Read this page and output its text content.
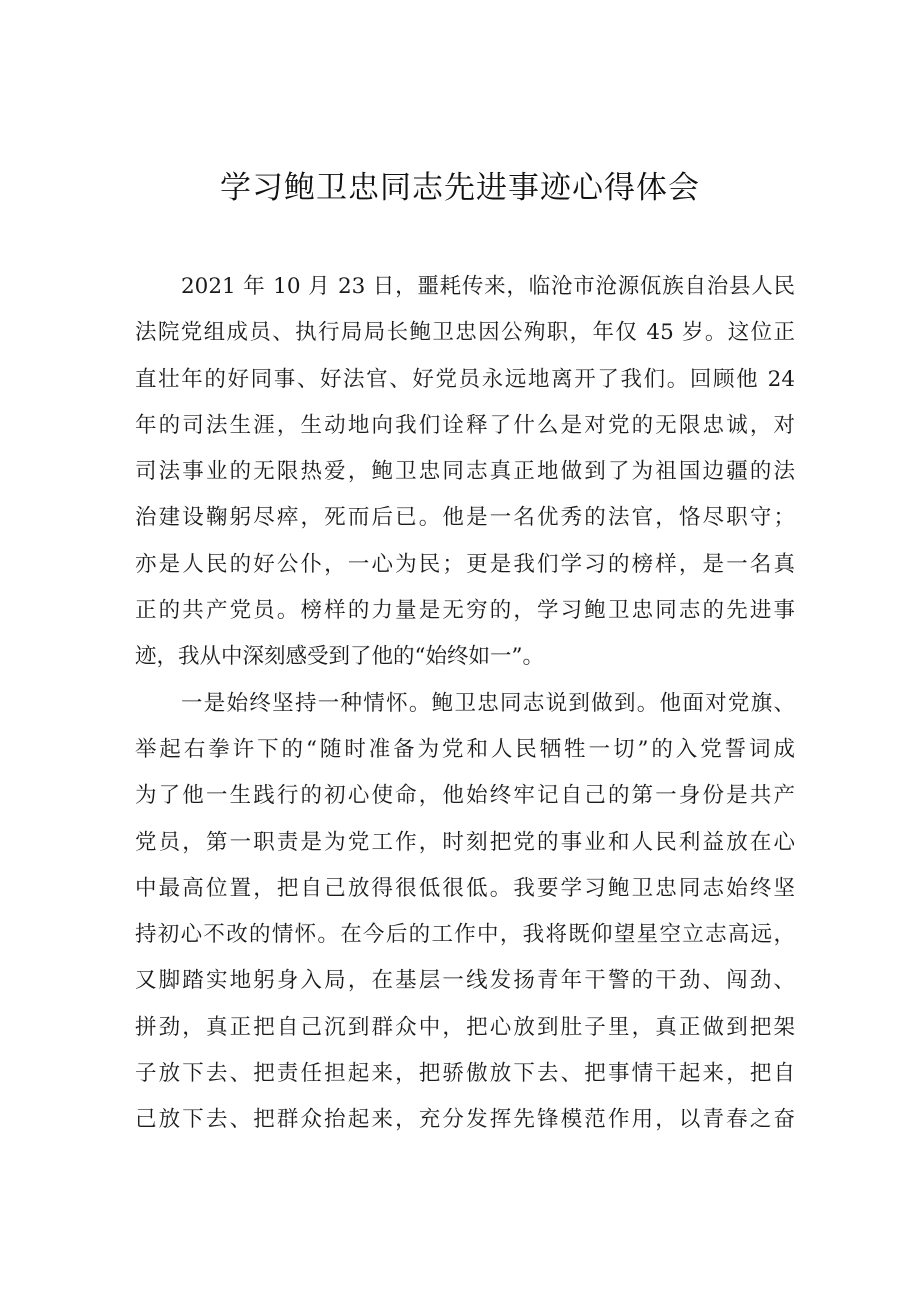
学习鲍卫忠同志先进事迹心得体会
2021 年 10 月 23 日，噩耗传来，临沧市沧源佤族自治县人民
法院党组成员、执行局局长鲍卫忠因公殉职，年仅 45 岁。这位正
直壮年的好同事、好法官、好党员永远地离开了我们。回顾他 24
年的司法生涯，生动地向我们诠释了什么是对党的无限忠诚，对
司法事业的无限热爱，鲍卫忠同志真正地做到了为祖国边疆的法
治建设鞠躬尽瘁，死而后已。他是一名优秀的法官，恪尽职守；
亦是人民的好公仆，一心为民；更是我们学习的榜样，是一名真
正的共产党员。榜样的力量是无穷的，学习鲍卫忠同志的先进事
迹，我从中深刻感受到了他的“始终如一”。
一是始终坚持一种情怀。鲍卫忠同志说到做到。他面对党旗、
举起右拳许下的“随时准备为党和人民牺牲一切”的入党誓词成
为了他一生践行的初心使命，他始终牢记自己的第一身份是共产
党员，第一职责是为党工作，时刻把党的事业和人民利益放在心
中最高位置，把自己放得很低很低。我要学习鲍卫忠同志始终坚
持初心不改的情怀。在今后的工作中，我将既仰望星空立志高远，
又脚踏实地躬身入局，在基层一线发扬青年干警的干劲、闯劲、
拼劲，真正把自己沉到群众中，把心放到肚子里，真正做到把架
子放下去、把责任担起来，把骄傲放下去、把事情干起来，把自
己放下去、把群众抬起来，充分发挥先锋模范作用，以青春之奋
